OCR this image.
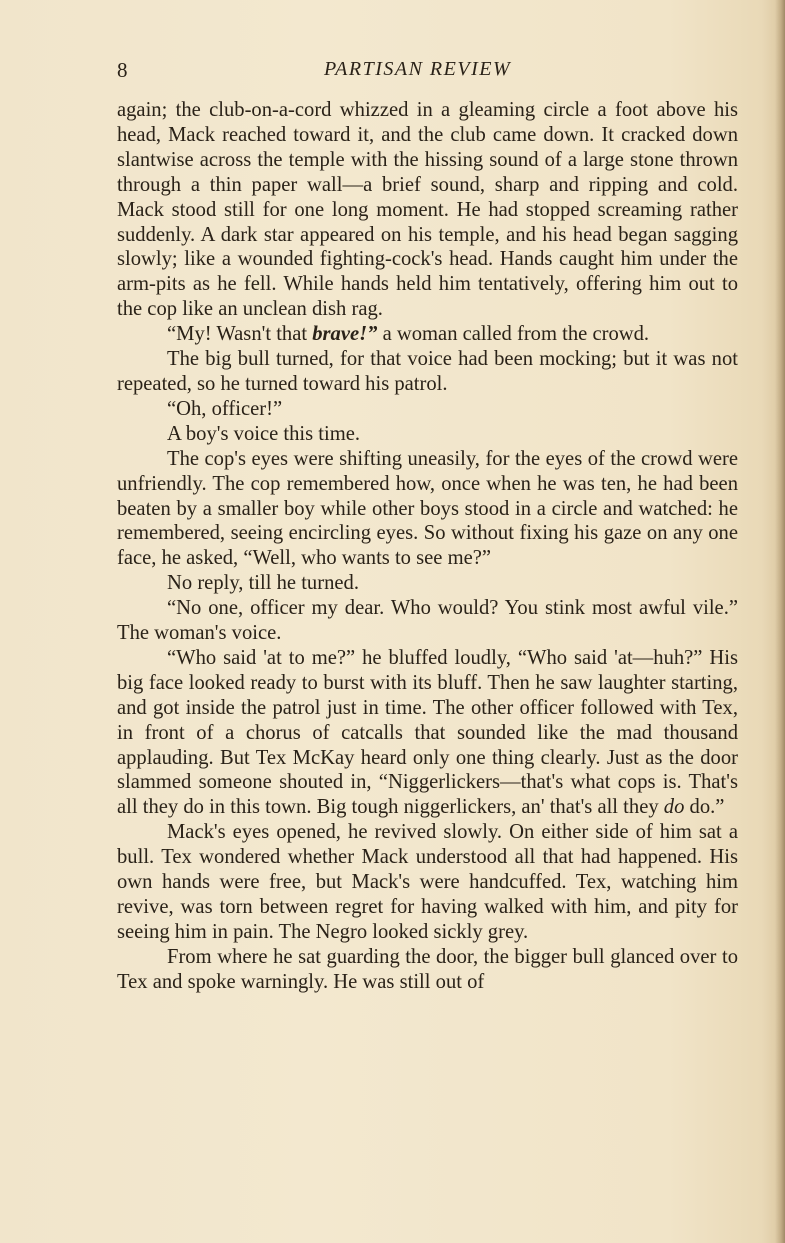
8	PARTISAN REVIEW

again; the club-on-a-cord whizzed in a gleaming circle a foot above his head, Mack reached toward it, and the club came down. It cracked down slantwise across the temple with the hissing sound of a large stone thrown through a thin paper wall—a brief sound, sharp and ripping and cold. Mack stood still for one long moment. He had stopped screaming rather suddenly. A dark star appeared on his temple, and his head began sagging slowly; like a wounded fighting-cock's head. Hands caught him under the arm-pits as he fell. While hands held him tentatively, offering him out to the cop like an unclean dish rag.

“My! Wasn't that brave!” a woman called from the crowd.

The big bull turned, for that voice had been mocking; but it was not repeated, so he turned toward his patrol.

“Oh, officer!”

A boy's voice this time.

The cop's eyes were shifting uneasily, for the eyes of the crowd were unfriendly. The cop remembered how, once when he was ten, he had been beaten by a smaller boy while other boys stood in a circle and watched: he remembered, seeing encircling eyes. So without fixing his gaze on any one face, he asked, “Well, who wants to see me?”

No reply, till he turned.

“No one, officer my dear. Who would? You stink most awful vile.” The woman's voice.

“Who said 'at to me?” he bluffed loudly, “Who said 'at—huh?” His big face looked ready to burst with its bluff. Then he saw laughter starting, and got inside the patrol just in time. The other officer followed with Tex, in front of a chorus of catcalls that sounded like the mad thousand applauding. But Tex McKay heard only one thing clearly. Just as the door slammed someone shouted in, “Niggerlickers—that's what cops is. That's all they do in this town. Big tough niggerlickers, an' that's all they do do.”

Mack's eyes opened, he revived slowly. On either side of him sat a bull. Tex wondered whether Mack understood all that had happened. His own hands were free, but Mack's were handcuffed. Tex, watching him revive, was torn between regret for having walked with him, and pity for seeing him in pain. The Negro looked sickly grey.

From where he sat guarding the door, the bigger bull glanced over to Tex and spoke warningly. He was still out of
